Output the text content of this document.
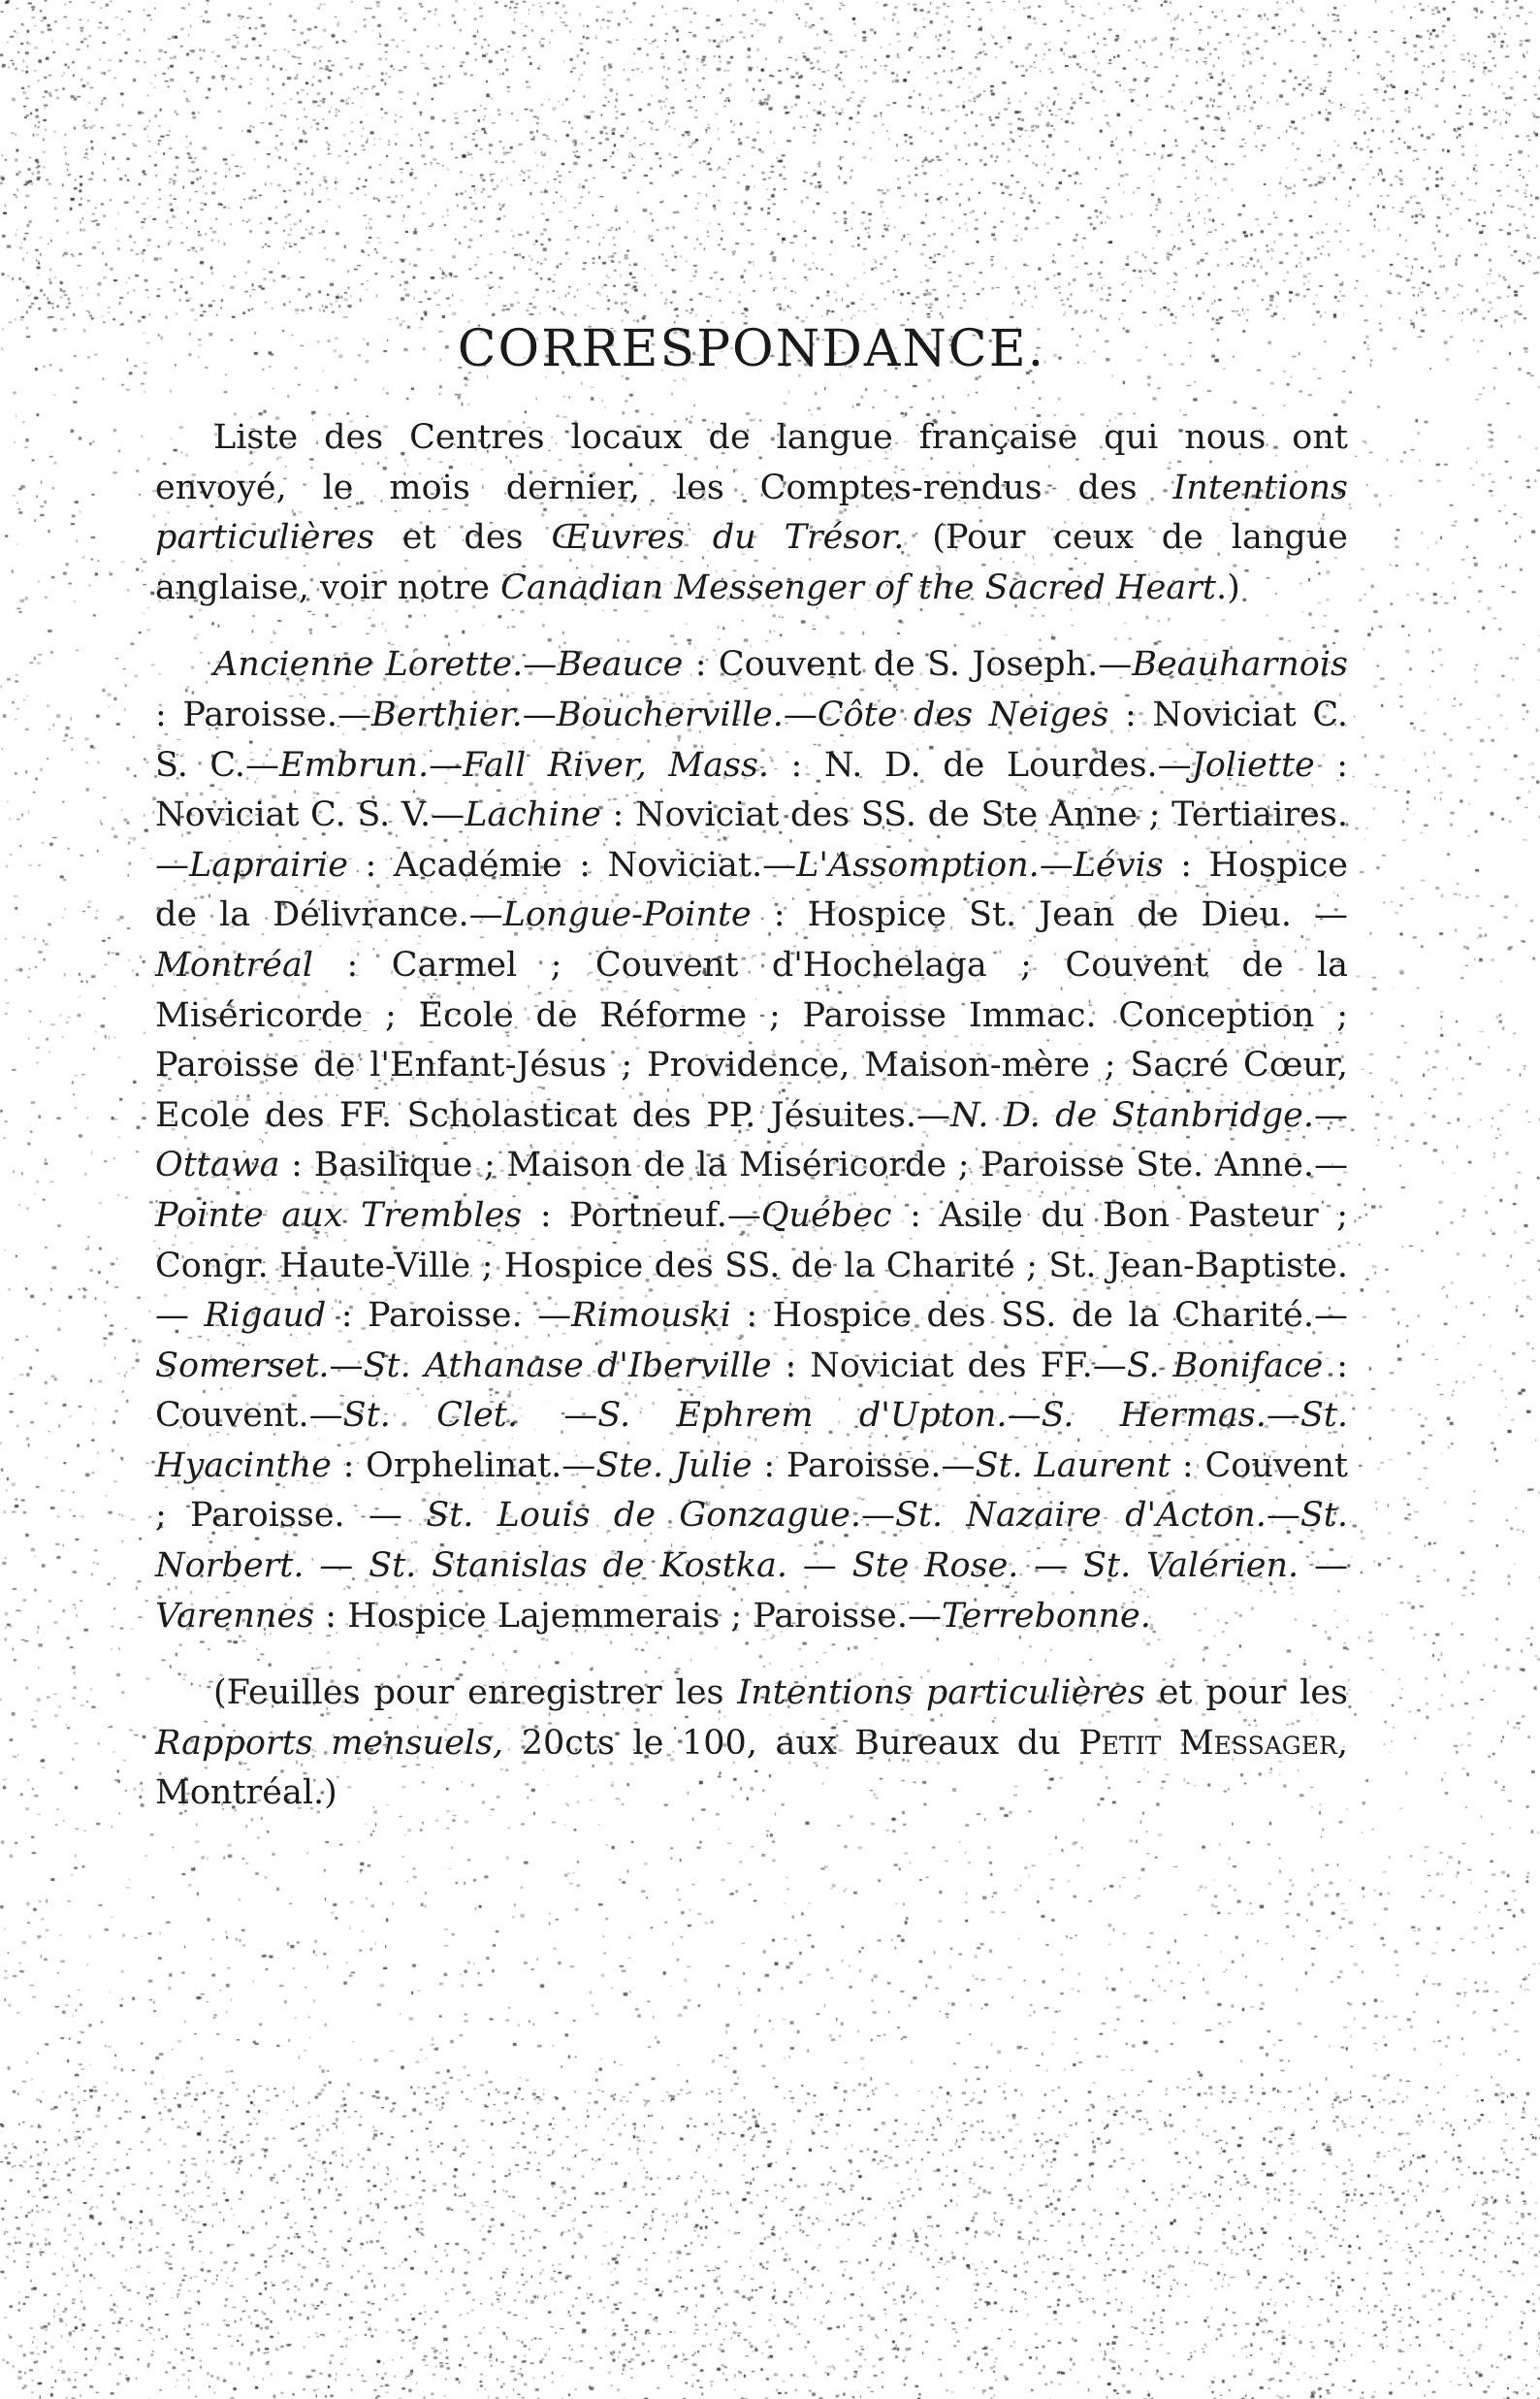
CORRESPONDANCE.

Liste des Centres locaux de langue française qui nous ont envoyé, le mois dernier, les Comptes-rendus des Intentions particulières et des Œuvres du Trésor. (Pour ceux de langue anglaise, voir notre Canadian Messenger of the Sacred Heart.)

Ancienne Lorette.—Beauce : Couvent de S. Joseph.—Beauharnois : Paroisse.—Berthier.—Boucherville.—Côte des Neiges : Noviciat C. S. C.—Embrun.—Fall River, Mass. : N. D. de Lourdes.—Joliette : Noviciat C. S. V.—Lachine : Noviciat des SS. de Ste Anne ; Tertiaires.—Laprairie : Académie : Noviciat.—L'Assomption.—Lévis : Hospice de la Délivrance.—Longue-Pointe : Hospice St. Jean de Dieu. — Montréal : Carmel ; Couvent d'Hochelaga ; Couvent de la Miséricorde ; Ecole de Réforme ; Paroisse Immac. Conception ; Paroisse de l'Enfant-Jésus ; Providence, Maison-mère ; Sacré Cœur, Ecole des FF. Scholasticat des PP. Jésuites.—N. D. de Stanbridge.—Ottawa : Basilique ; Maison de la Miséricorde ; Paroisse Ste. Anne.—Pointe aux Trembles : Portneuf.—Québec : Asile du Bon Pasteur ; Congr. Haute-Ville ; Hospice des SS. de la Charité ; St. Jean-Baptiste. — Rigaud : Paroisse. —Rimouski : Hospice des SS. de la Charité.—Somerset.—St. Athanase d'Iberville : Noviciat des FF.—S. Boniface : Couvent.—St. Clet. —S. Ephrem d'Upton.—S. Hermas.—St. Hyacinthe : Orphelinat.—Ste. Julie : Paroisse.—St. Laurent : Couvent ; Paroisse. — St. Louis de Gonzague.—St. Nazaire d'Acton.—St. Norbert. — St. Stanislas de Kostka. — Ste Rose. — St. Valérien. — Varennes : Hospice Lajemmerais ; Paroisse.—Terrebonne.

(Feuilles pour enregistrer les Intentions particulières et pour les Rapports mensuels, 20cts le 100, aux Bureaux du Petit Messager, Montréal.)
